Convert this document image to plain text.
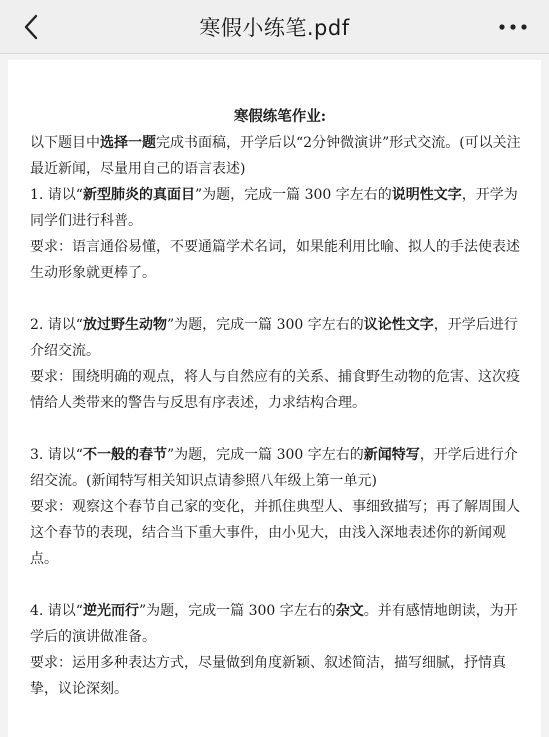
寒假小练笔.pdf

寒假练笔作业:

以下题目中选择一题完成书面稿，开学后以“2分钟微演讲”形式交流。(可以关注最近新闻，尽量用自己的语言表述)

1. 请以“新型肺炎的真面目”为题，完成一篇 300 字左右的说明性文字，开学为同学们进行科普。

要求：语言通俗易懂，不要通篇学术名词，如果能利用比喻、拟人的手法使表述生动形象就更棒了。

2. 请以“放过野生动物”为题，完成一篇 300 字左右的议论性文字，开学后进行介绍交流。

要求：围绕明确的观点，将人与自然应有的关系、捕食野生动物的危害、这次疫情给人类带来的警告与反思有序表述，力求结构合理。

3. 请以“不一般的春节”为题，完成一篇 300 字左右的新闻特写，开学后进行介绍交流。(新闻特写相关知识点请参照八年级上第一单元)

要求：观察这个春节自己家的变化，并抓住典型人、事细致描写；再了解周围人这个春节的表现，结合当下重大事件，由小见大，由浅入深地表述你的新闻观点。

4. 请以“逆光而行”为题，完成一篇 300 字左右的杂文。并有感情地朗读，为开学后的演讲做准备。

要求：运用多种表达方式，尽量做到角度新颖、叙述简洁，描写细腻，抒情真挚，议论深刻。
